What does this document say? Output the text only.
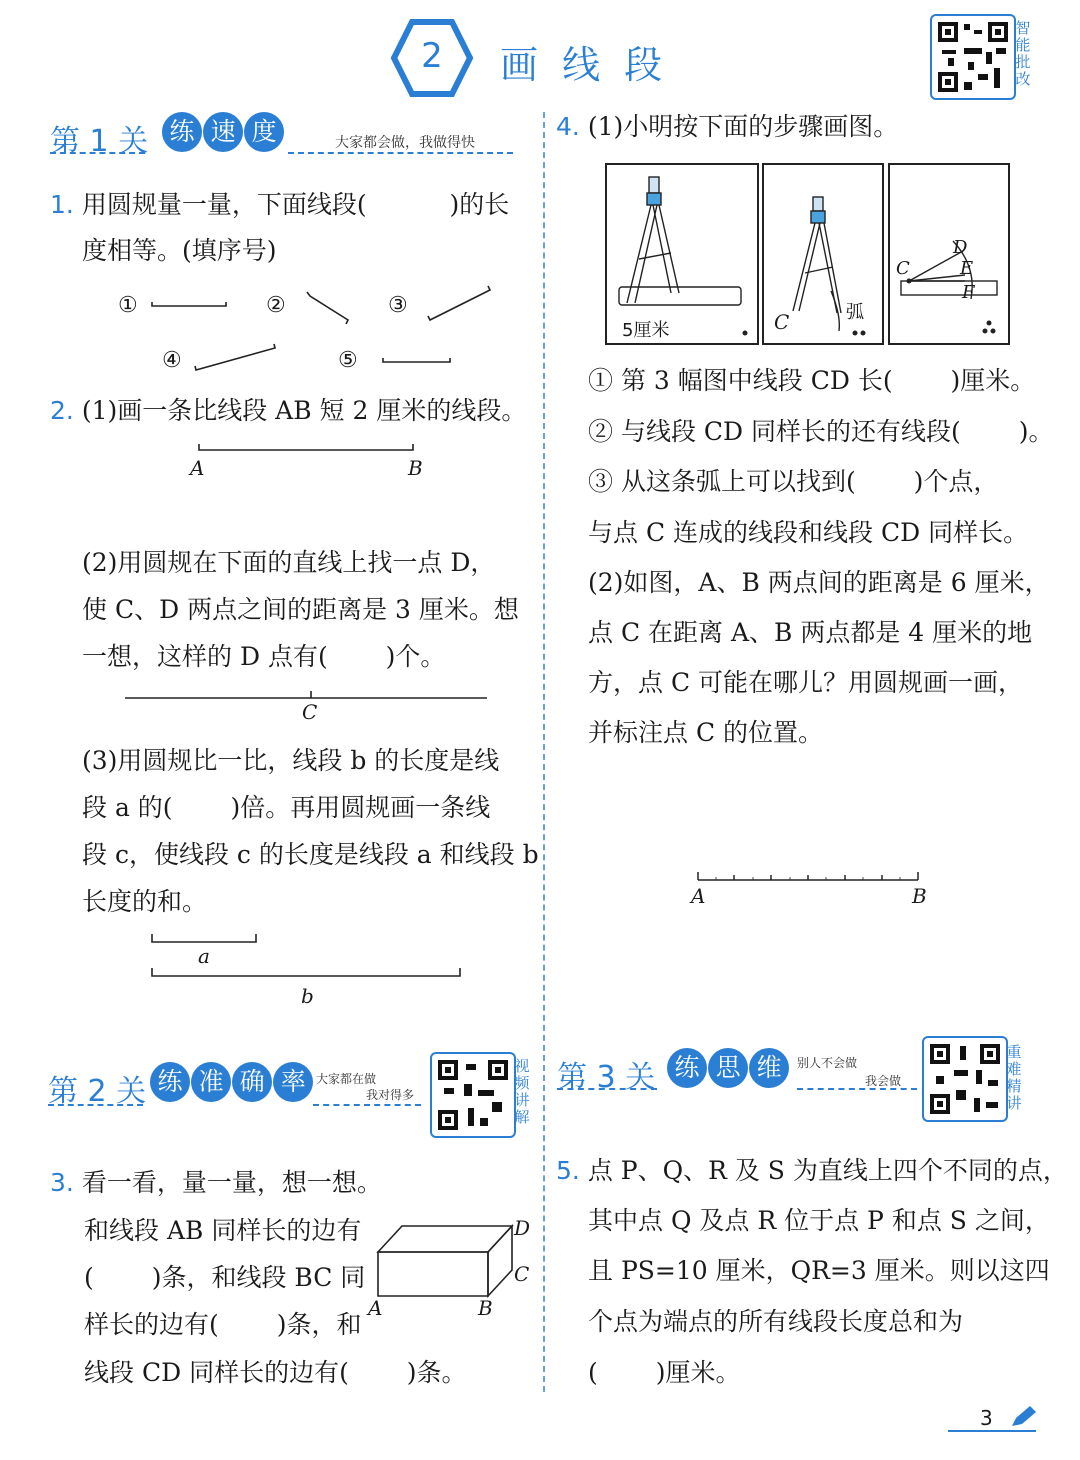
2	画 线 段
智能批改
第 1 关 练 速 度	大家都会做，我做得快
1. 用圆规量一量，下面线段(　　　 )的长
度相等。(填序号)
①	②	③
④	⑤
2. (1)画一条比线段 AB 短 2 厘米的线段。
A	B
(2)用圆规在下面的直线上找一点 D，
使 C、D 两点之间的距离是 3 厘米。想
一想，这样的 D 点有(　　 )个。
C
(3)用圆规比一比，线段 b 的长度是线
段 a 的(　　 )倍。再用圆规画一条线
段 c，使线段 c 的长度是线段 a 和线段 b
长度的和。
a
b
第 2 关 练 准 确 率 大家都在做
我对得多
视频讲解
3. 看一看，量一量，想一想。
和线段 AB 同样长的边有
(　　 )条，和线段 BC 同
样长的边有(　　 )条，和
线段 CD 同样长的边有(　　 )条。
A	B
C
D
4. (1)小明按下面的步骤画图。
5厘米	C	弧
C
D
E
F
① 第 3 幅图中线段 CD 长(　　 )厘米。
② 与线段 CD 同样长的还有线段(　　 )。
③ 从这条弧上可以找到(　　 )个点，
与点 C 连成的线段和线段 CD 同样长。
(2)如图，A、B 两点间的距离是 6 厘米，
点 C 在距离 A、B 两点都是 4 厘米的地
方，点 C 可能在哪儿？用圆规画一画，
并标注点 C 的位置。
A	B
第 3 关 练 思 维 别人不会做
我会做
重难精讲
5. 点 P、Q、R 及 S 为直线上四个不同的点，
其中点 Q 及点 R 位于点 P 和点 S 之间，
且 PS=10 厘米，QR=3 厘米。则以这四
个点为端点的所有线段长度总和为
(　　 )厘米。
3
